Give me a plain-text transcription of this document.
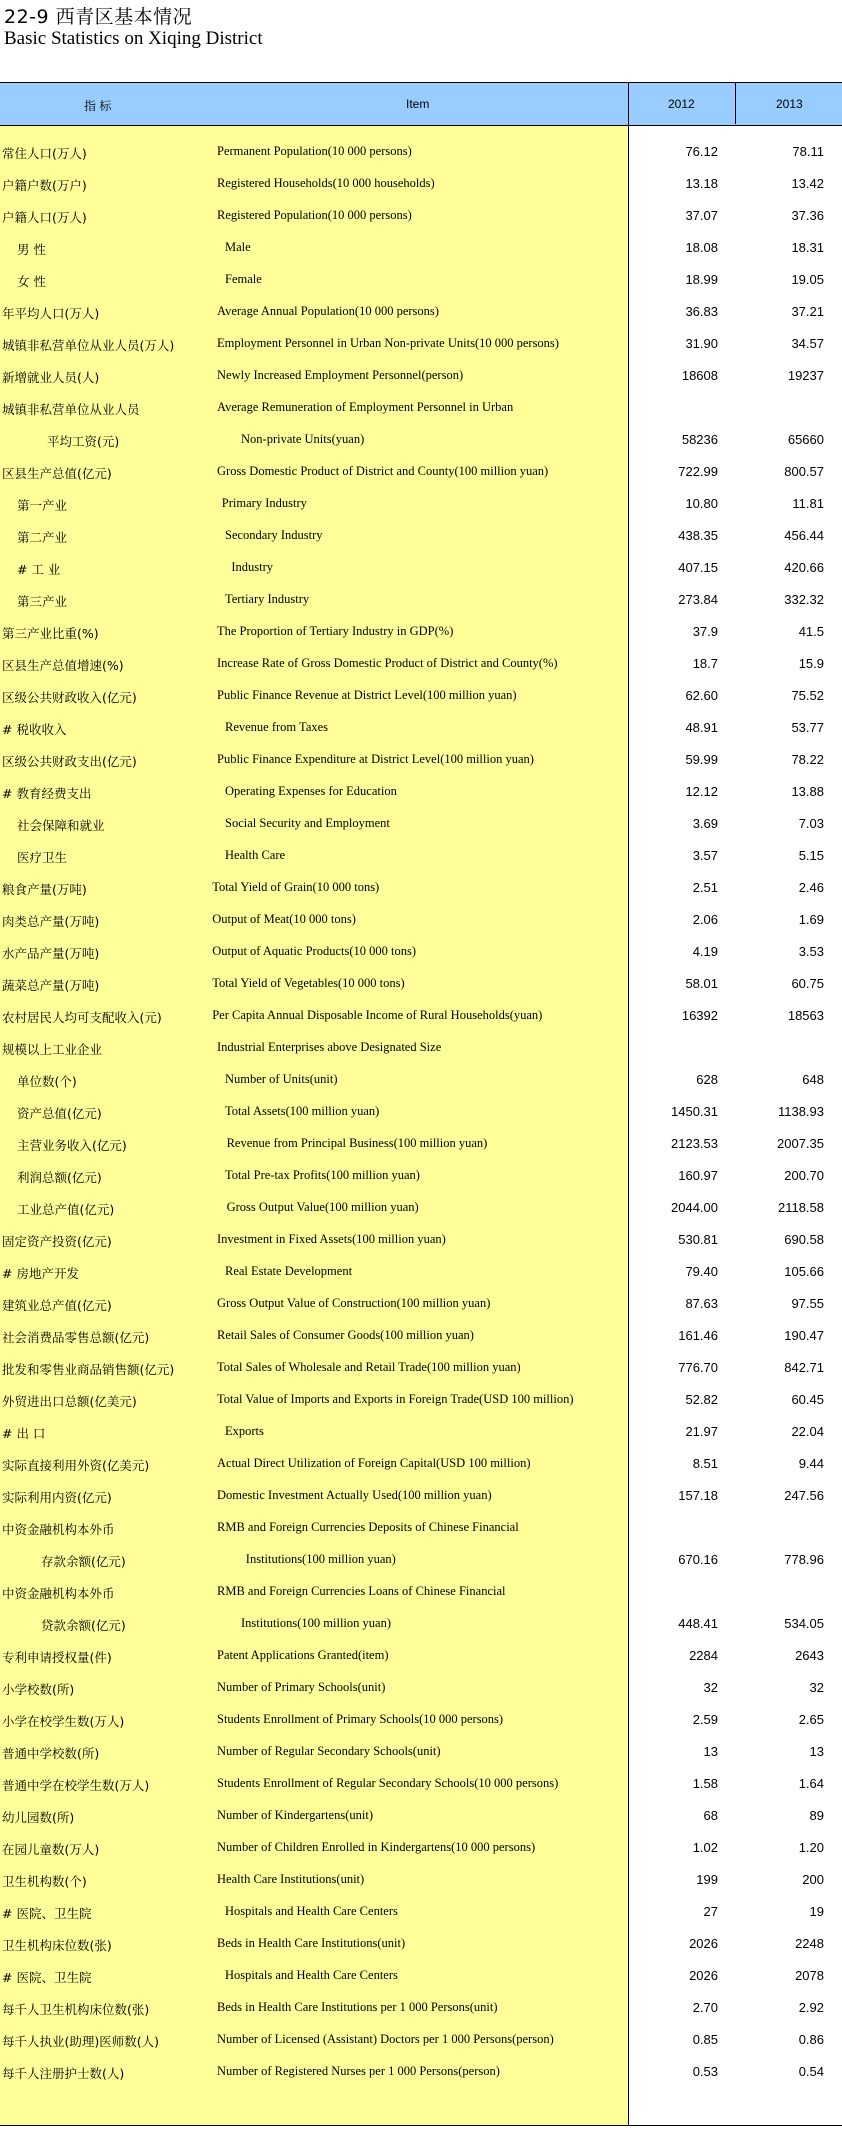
22-9 西青区基本情况
Basic Statistics on Xiqing District
指 标	Item	2012	2013
常住人口(万人)	Permanent Population(10 000 persons)	76.12	78.11
户籍户数(万户)	Registered Households(10 000 households)	13.18	13.42
户籍人口(万人)	Registered Population(10 000 persons)	37.07	37.36
男 性	Male	18.08	18.31
女 性	Female	18.99	19.05
年平均人口(万人)	Average Annual Population(10 000 persons)	36.83	37.21
城镇非私营单位从业人员(万人)	Employment Personnel in Urban Non-private Units(10 000 persons)	31.90	34.57
新增就业人员(人)	Newly Increased Employment Personnel(person)	18608	19237
城镇非私营单位从业人员	Average Remuneration of Employment Personnel in Urban
平均工资(元)	Non-private Units(yuan)	58236	65660
区县生产总值(亿元)	Gross Domestic Product of District and County(100 million yuan)	722.99	800.57
第一产业	Primary Industry	10.80	11.81
第二产业	Secondary Industry	438.35	456.44
# 工 业	Industry	407.15	420.66
第三产业	Tertiary Industry	273.84	332.32
第三产业比重(%)	The Proportion of Tertiary Industry in GDP(%)	37.9	41.5
区县生产总值增速(%)	Increase Rate of Gross Domestic Product of District and County(%)	18.7	15.9
区级公共财政收入(亿元)	Public Finance Revenue at District Level(100 million yuan)	62.60	75.52
# 税收收入	Revenue from Taxes	48.91	53.77
区级公共财政支出(亿元)	Public Finance Expenditure at District Level(100 million yuan)	59.99	78.22
# 教育经费支出	Operating Expenses for Education	12.12	13.88
社会保障和就业	Social Security and Employment	3.69	7.03
医疗卫生	Health Care	3.57	5.15
粮食产量(万吨)	Total Yield of Grain(10 000 tons)	2.51	2.46
肉类总产量(万吨)	Output of Meat(10 000 tons)	2.06	1.69
水产品产量(万吨)	Output of Aquatic Products(10 000 tons)	4.19	3.53
蔬菜总产量(万吨)	Total Yield of Vegetables(10 000 tons)	58.01	60.75
农村居民人均可支配收入(元)	Per Capita Annual Disposable Income of Rural Households(yuan)	16392	18563
规模以上工业企业	Industrial Enterprises above Designated Size
单位数(个)	Number of Units(unit)	628	648
资产总值(亿元)	Total Assets(100 million yuan)	1450.31	1138.93
主营业务收入(亿元)	Revenue from Principal Business(100 million yuan)	2123.53	2007.35
利润总额(亿元)	Total Pre-tax Profits(100 million yuan)	160.97	200.70
工业总产值(亿元)	Gross Output Value(100 million yuan)	2044.00	2118.58
固定资产投资(亿元)	Investment in Fixed Assets(100 million yuan)	530.81	690.58
# 房地产开发	Real Estate Development	79.40	105.66
建筑业总产值(亿元)	Gross Output Value of Construction(100 million yuan)	87.63	97.55
社会消费品零售总额(亿元)	Retail Sales of Consumer Goods(100 million yuan)	161.46	190.47
批发和零售业商品销售额(亿元)	Total Sales of Wholesale and Retail Trade(100 million yuan)	776.70	842.71
外贸进出口总额(亿美元)	Total Value of Imports and Exports in Foreign Trade(USD 100 million)	52.82	60.45
# 出 口	Exports	21.97	22.04
实际直接利用外资(亿美元)	Actual Direct Utilization of Foreign Capital(USD 100 million)	8.51	9.44
实际利用内资(亿元)	Domestic Investment Actually Used(100 million yuan)	157.18	247.56
中资金融机构本外币	RMB and Foreign Currencies Deposits of Chinese Financial
存款余额(亿元)	Institutions(100 million yuan)	670.16	778.96
中资金融机构本外币	RMB and Foreign Currencies Loans of Chinese Financial
贷款余额(亿元)	Institutions(100 million yuan)	448.41	534.05
专利申请授权量(件)	Patent Applications Granted(item)	2284	2643
小学校数(所)	Number of Primary Schools(unit)	32	32
小学在校学生数(万人)	Students Enrollment of Primary Schools(10 000 persons)	2.59	2.65
普通中学校数(所)	Number of Regular Secondary Schools(unit)	13	13
普通中学在校学生数(万人)	Students Enrollment of Regular Secondary Schools(10 000 persons)	1.58	1.64
幼儿园数(所)	Number of Kindergartens(unit)	68	89
在园儿童数(万人)	Number of Children Enrolled in Kindergartens(10 000 persons)	1.02	1.20
卫生机构数(个)	Health Care Institutions(unit)	199	200
# 医院、卫生院	Hospitals and Health Care Centers	27	19
卫生机构床位数(张)	Beds in Health Care Institutions(unit)	2026	2248
# 医院、卫生院	Hospitals and Health Care Centers	2026	2078
每千人卫生机构床位数(张)	Beds in Health Care Institutions per 1 000 Persons(unit)	2.70	2.92
每千人执业(助理)医师数(人)	Number of Licensed (Assistant) Doctors per 1 000 Persons(person)	0.85	0.86
每千人注册护士数(人)	Number of Registered Nurses per 1 000 Persons(person)	0.53	0.54
